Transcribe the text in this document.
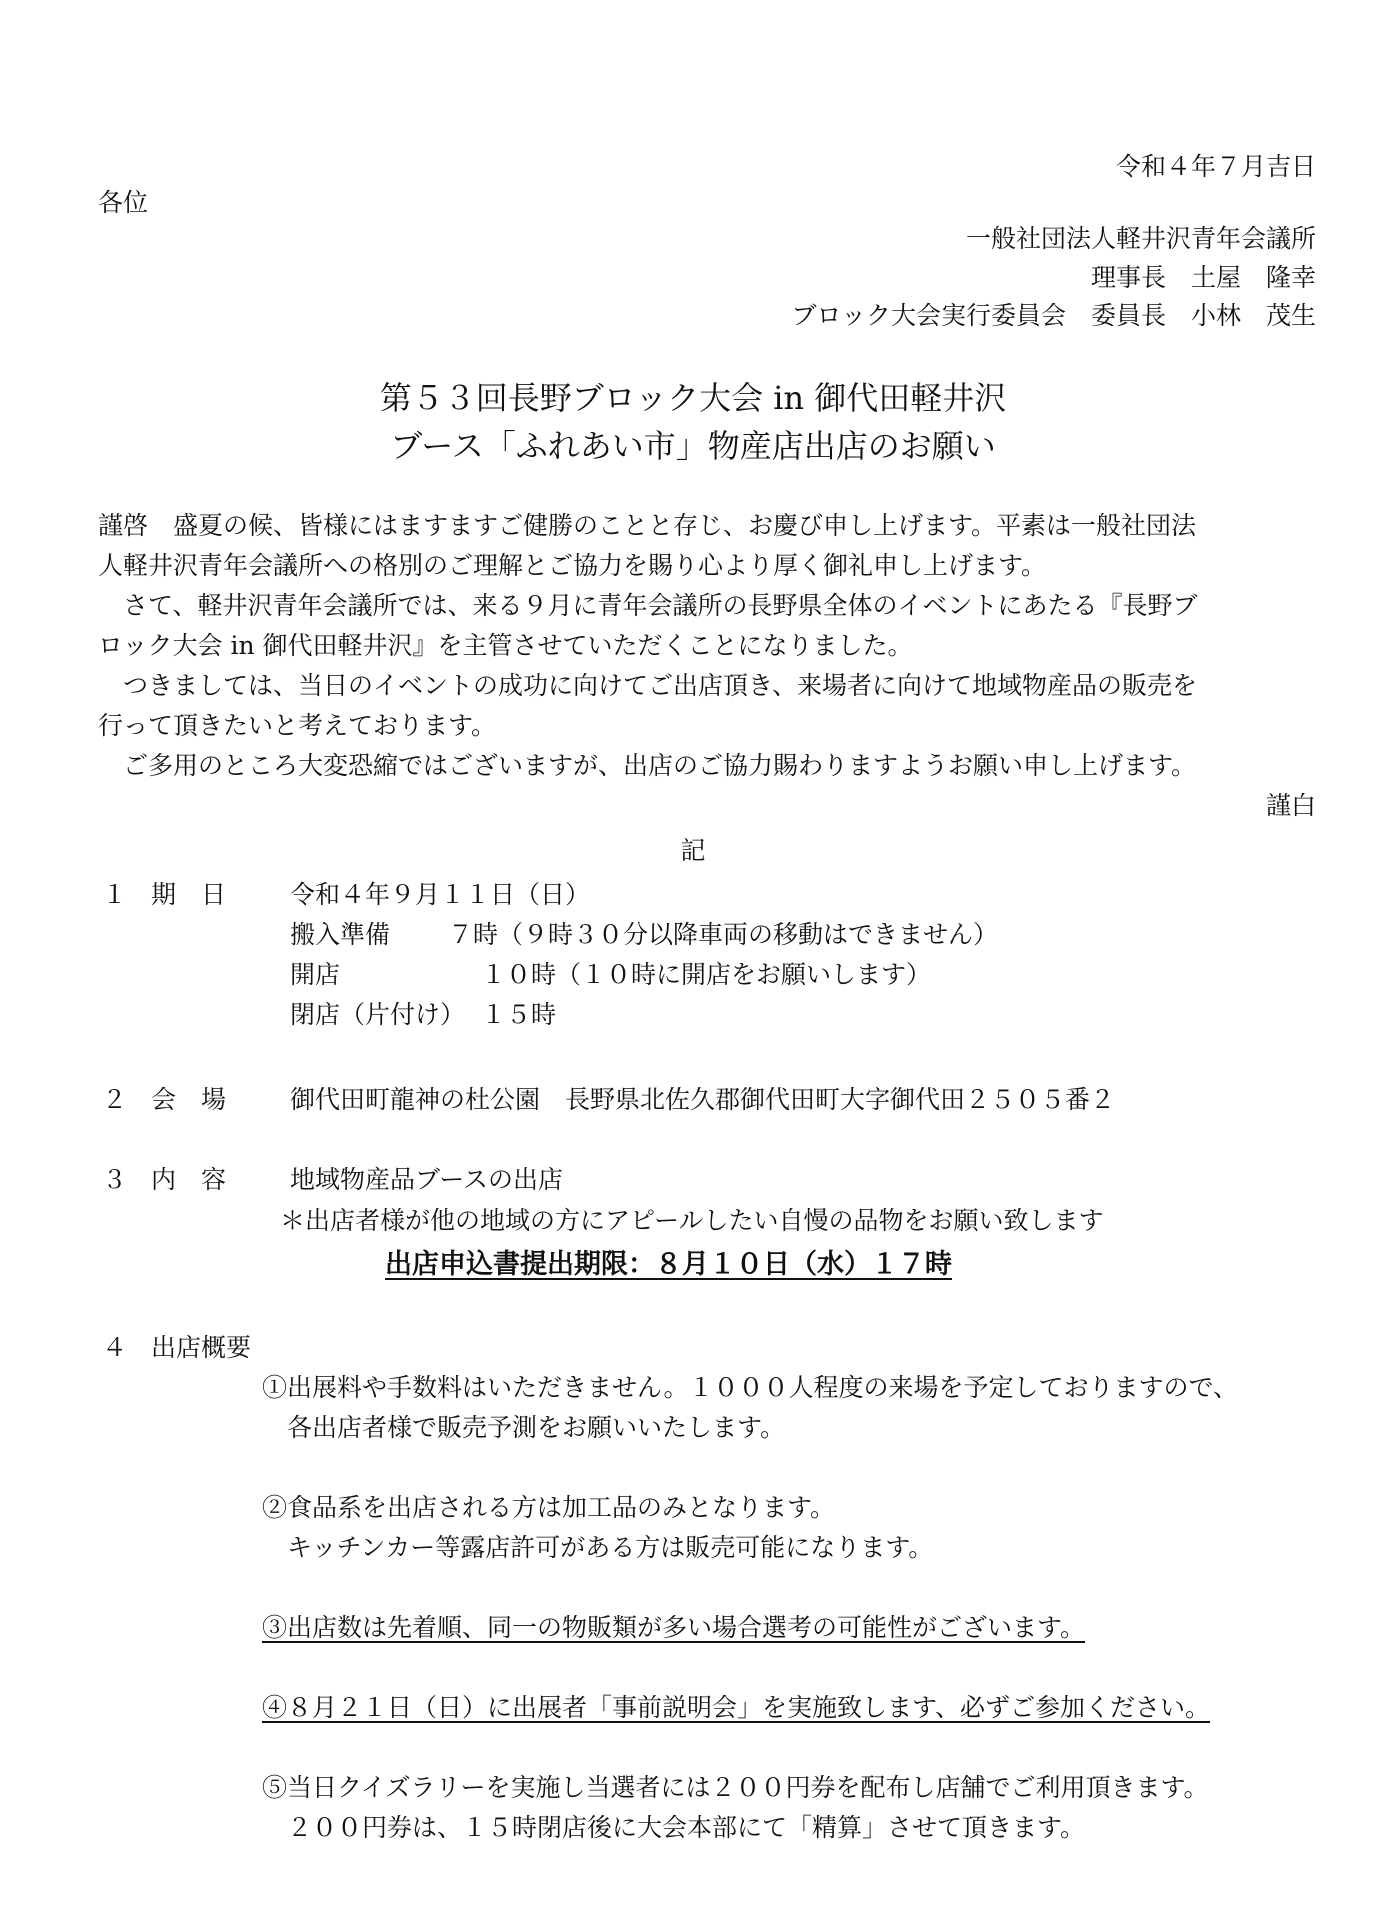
令和４年７月吉日
各位
一般社団法人軽井沢青年会議所
理事長　土屋　隆幸
ブロック大会実行委員会　委員長　小林　茂生
第５３回長野ブロック大会 in 御代田軽井沢
ブース「ふれあい市」物産店出店のお願い
謹啓　盛夏の候、皆様にはますますご健勝のことと存じ、お慶び申し上げます。平素は一般社団法
人軽井沢青年会議所への格別のご理解とご協力を賜り心より厚く御礼申し上げます。
　さて、軽井沢青年会議所では、来る９月に青年会議所の長野県全体のイベントにあたる『長野ブ
ロック大会 in 御代田軽井沢』を主管させていただくことになりました。
　つきましては、当日のイベントの成功に向けてご出店頂き、来場者に向けて地域物産品の販売を
行って頂きたいと考えております。
　ご多用のところ大変恐縮ではございますが、出店のご協力賜わりますようお願い申し上げます。
謹白
記
１ 期　日	令和４年９月１１日（日）
搬入準備 ７時（９時３０分以降車両の移動はできません）
開店	１０時（１０時に開店をお願いします）
閉店（片付け） １５時
２ 会　場	御代田町龍神の杜公園　長野県北佐久郡御代田町大字御代田２５０５番２
３ 内　容	地域物産品ブースの出店
＊出店者様が他の地域の方にアピールしたい自慢の品物をお願い致します
出店申込書提出期限：８月１０日（水）１７時
４ 出店概要
①出展料や手数料はいただきません。１０００人程度の来場を予定しておりますので、
　各出店者様で販売予測をお願いいたします。
②食品系を出店される方は加工品のみとなります。
　キッチンカー等露店許可がある方は販売可能になります。
③出店数は先着順、同一の物販類が多い場合選考の可能性がございます。
④８月２１日（日）に出展者「事前説明会」を実施致します、必ずご参加ください。
⑤当日クイズラリーを実施し当選者には２００円券を配布し店舗でご利用頂きます。
　２００円券は、１５時閉店後に大会本部にて「精算」させて頂きます。
